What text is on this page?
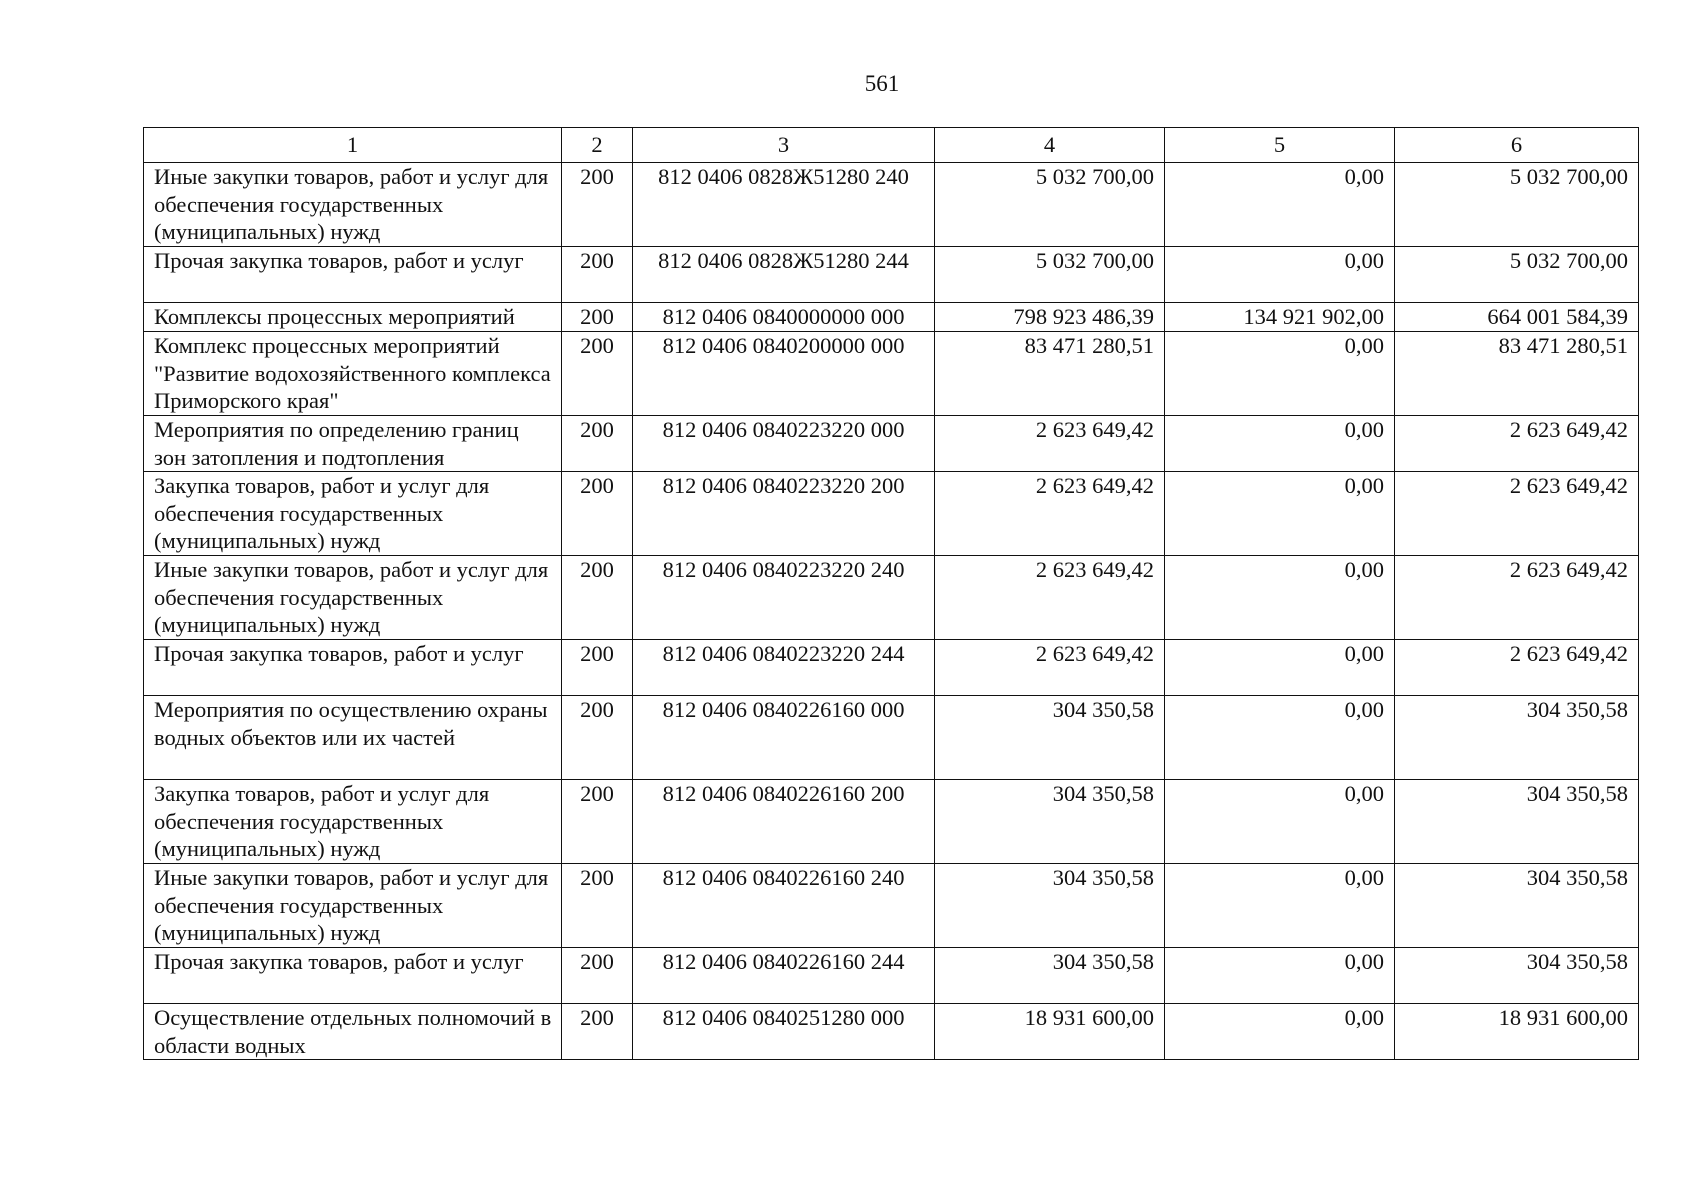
561
1	2	3	4	5	6
Иные закупки товаров, работ и услуг для обеспечения государственных (муниципальных) нужд	200	812 0406 0828Ж51280 240	5 032 700,00	0,00	5 032 700,00
Прочая закупка товаров, работ и услуг	200	812 0406 0828Ж51280 244	5 032 700,00	0,00	5 032 700,00
Комплексы процессных мероприятий	200	812 0406 0840000000 000	798 923 486,39	134 921 902,00	664 001 584,39
Комплекс процессных мероприятий "Развитие водохозяйственного комплекса Приморского края"	200	812 0406 0840200000 000	83 471 280,51	0,00	83 471 280,51
Мероприятия по определению границ зон затопления и подтопления	200	812 0406 0840223220 000	2 623 649,42	0,00	2 623 649,42
Закупка товаров, работ и услуг для обеспечения государственных (муниципальных) нужд	200	812 0406 0840223220 200	2 623 649,42	0,00	2 623 649,42
Иные закупки товаров, работ и услуг для обеспечения государственных (муниципальных) нужд	200	812 0406 0840223220 240	2 623 649,42	0,00	2 623 649,42
Прочая закупка товаров, работ и услуг	200	812 0406 0840223220 244	2 623 649,42	0,00	2 623 649,42
Мероприятия по осуществлению охраны водных объектов или их частей	200	812 0406 0840226160 000	304 350,58	0,00	304 350,58
Закупка товаров, работ и услуг для обеспечения государственных (муниципальных) нужд	200	812 0406 0840226160 200	304 350,58	0,00	304 350,58
Иные закупки товаров, работ и услуг для обеспечения государственных (муниципальных) нужд	200	812 0406 0840226160 240	304 350,58	0,00	304 350,58
Прочая закупка товаров, работ и услуг	200	812 0406 0840226160 244	304 350,58	0,00	304 350,58
Осуществление отдельных полномочий в области водных	200	812 0406 0840251280 000	18 931 600,00	0,00	18 931 600,00
